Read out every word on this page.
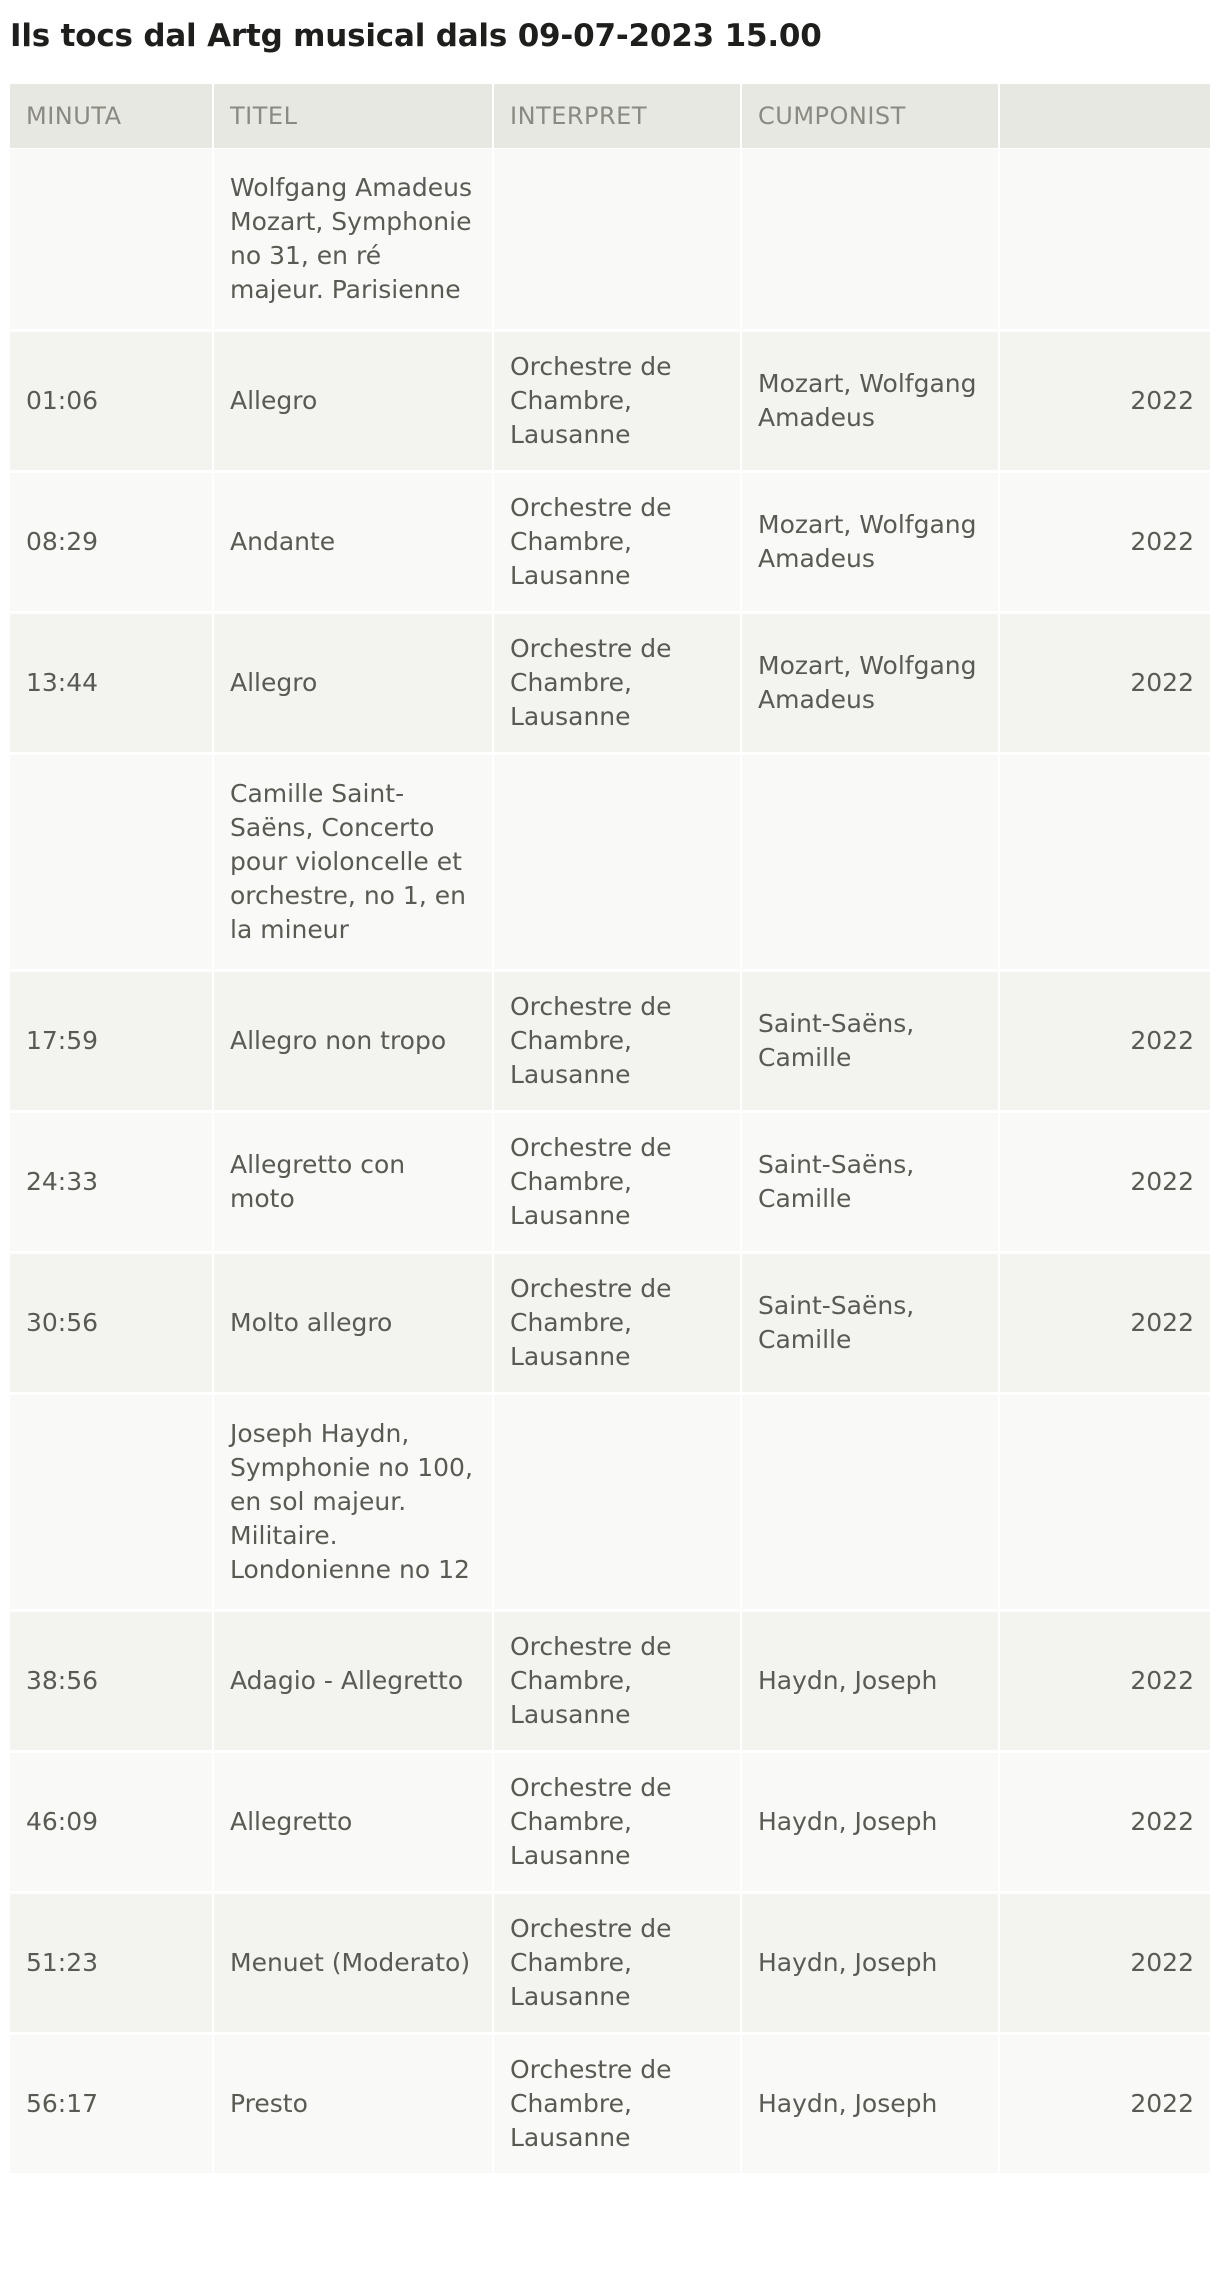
Ils tocs dal Artg musical dals 09-07-2023 15.00
MINUTA	TITEL	INTERPRET	CUMPONIST	
	Wolfgang Amadeus Mozart, Symphonie no 31, en ré majeur. Parisienne			
01:06	Allegro	Orchestre de Chambre, Lausanne	Mozart, Wolfgang Amadeus	2022
08:29	Andante	Orchestre de Chambre, Lausanne	Mozart, Wolfgang Amadeus	2022
13:44	Allegro	Orchestre de Chambre, Lausanne	Mozart, Wolfgang Amadeus	2022
	Camille Saint-Saëns, Concerto pour violoncelle et orchestre, no 1, en la mineur			
17:59	Allegro non tropo	Orchestre de Chambre, Lausanne	Saint-Saëns, Camille	2022
24:33	Allegretto con moto	Orchestre de Chambre, Lausanne	Saint-Saëns, Camille	2022
30:56	Molto allegro	Orchestre de Chambre, Lausanne	Saint-Saëns, Camille	2022
	Joseph Haydn, Symphonie no 100, en sol majeur. Militaire. Londonienne no 12			
38:56	Adagio - Allegretto	Orchestre de Chambre, Lausanne	Haydn, Joseph	2022
46:09	Allegretto	Orchestre de Chambre, Lausanne	Haydn, Joseph	2022
51:23	Menuet (Moderato)	Orchestre de Chambre, Lausanne	Haydn, Joseph	2022
56:17	Presto	Orchestre de Chambre, Lausanne	Haydn, Joseph	2022
